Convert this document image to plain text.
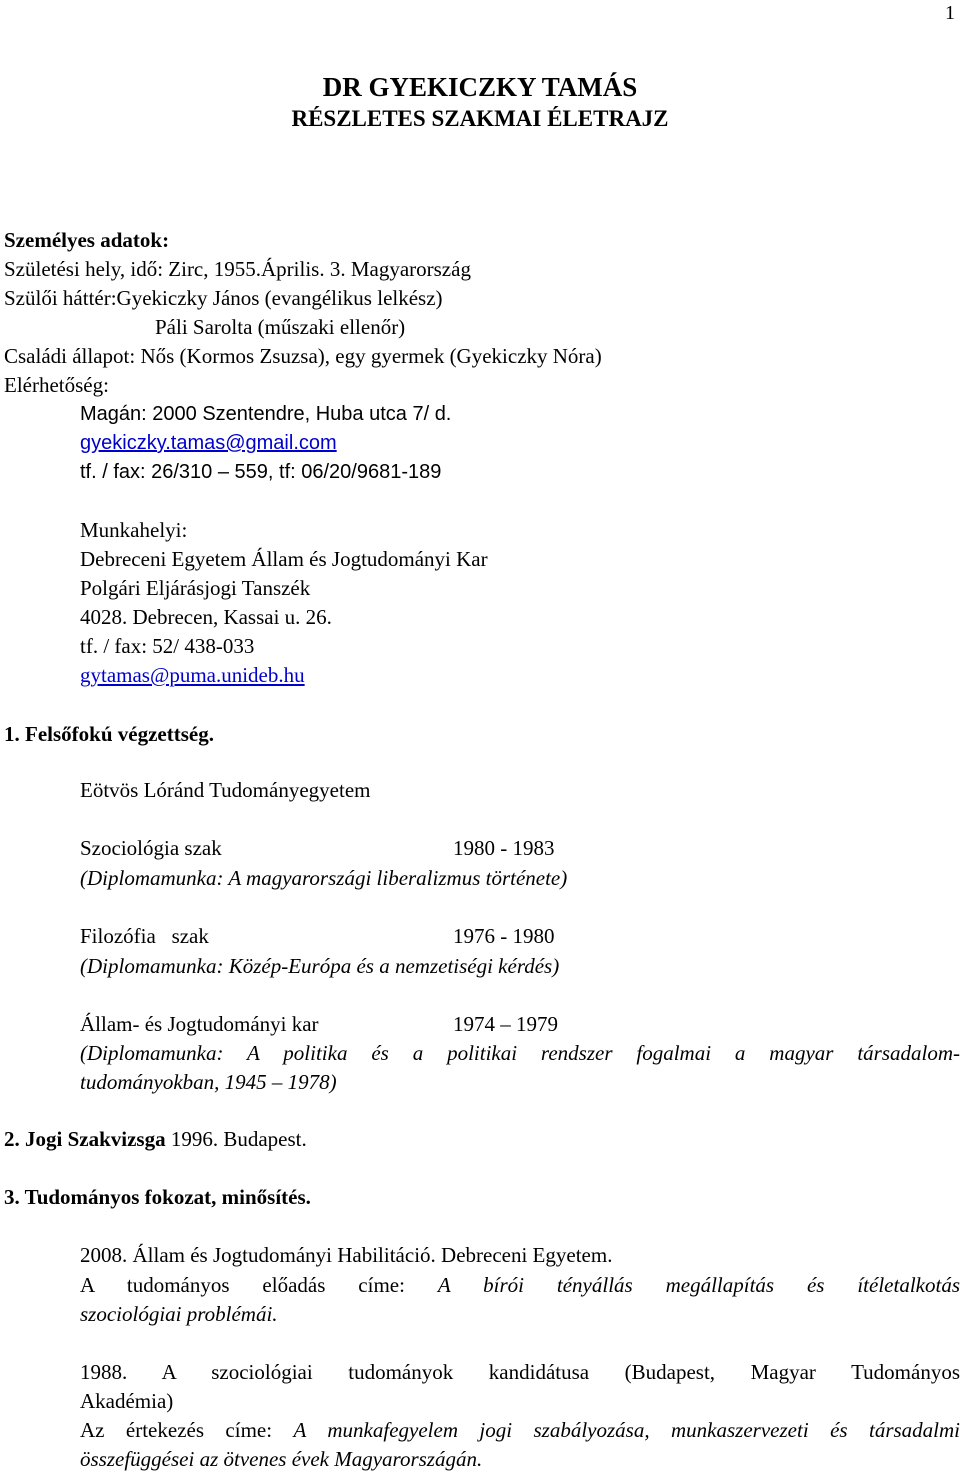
1
DR GYEKICZKY TAMÁS
RÉSZLETES SZAKMAI ÉLETRAJZ
Személyes adatok:
Születési hely, idő: Zirc, 1955.Április. 3. Magyarország
Szülői háttér:Gyekiczky János (evangélikus lelkész)
Páli Sarolta (műszaki ellenőr)
Családi állapot: Nős (Kormos Zsuzsa), egy gyermek (Gyekiczky Nóra)
Elérhetőség:
Magán: 2000 Szentendre, Huba utca 7/ d.
gyekiczky.tamas@gmail.com
tf. / fax: 26/310 – 559, tf: 06/20/9681-189
Munkahelyi:
Debreceni Egyetem Állam és Jogtudományi Kar
Polgári Eljárásjogi Tanszék
4028. Debrecen, Kassai u. 26.
tf. / fax: 52/ 438-033
gytamas@puma.unideb.hu
1. Felsőfokú végzettség.
Eötvös Lóránd Tudományegyetem
Szociológia szak	1980 - 1983
(Diplomamunka: A magyarországi liberalizmus története)
Filozófia   szak	1976 - 1980
(Diplomamunka: Közép-Európa és a nemzetiségi kérdés)
Állam- és Jogtudományi kar	1974 – 1979
(Diplomamunka: A politika és a politikai rendszer fogalmai a magyar társadalom-
tudományokban, 1945 – 1978)
2. Jogi Szakvizsga 1996. Budapest.
3. Tudományos fokozat, minősítés.
2008. Állam és Jogtudományi Habilitáció. Debreceni Egyetem.
A tudományos előadás címe: A bírói tényállás megállapítás és ítéletalkotás
szociológiai problémái.
1988. A szociológiai tudományok kandidátusa (Budapest, Magyar Tudományos
Akadémia)
Az értekezés címe: A munkafegyelem jogi szabályozása, munkaszervezeti és társadalmi
összefüggései az ötvenes évek Magyarországán.
